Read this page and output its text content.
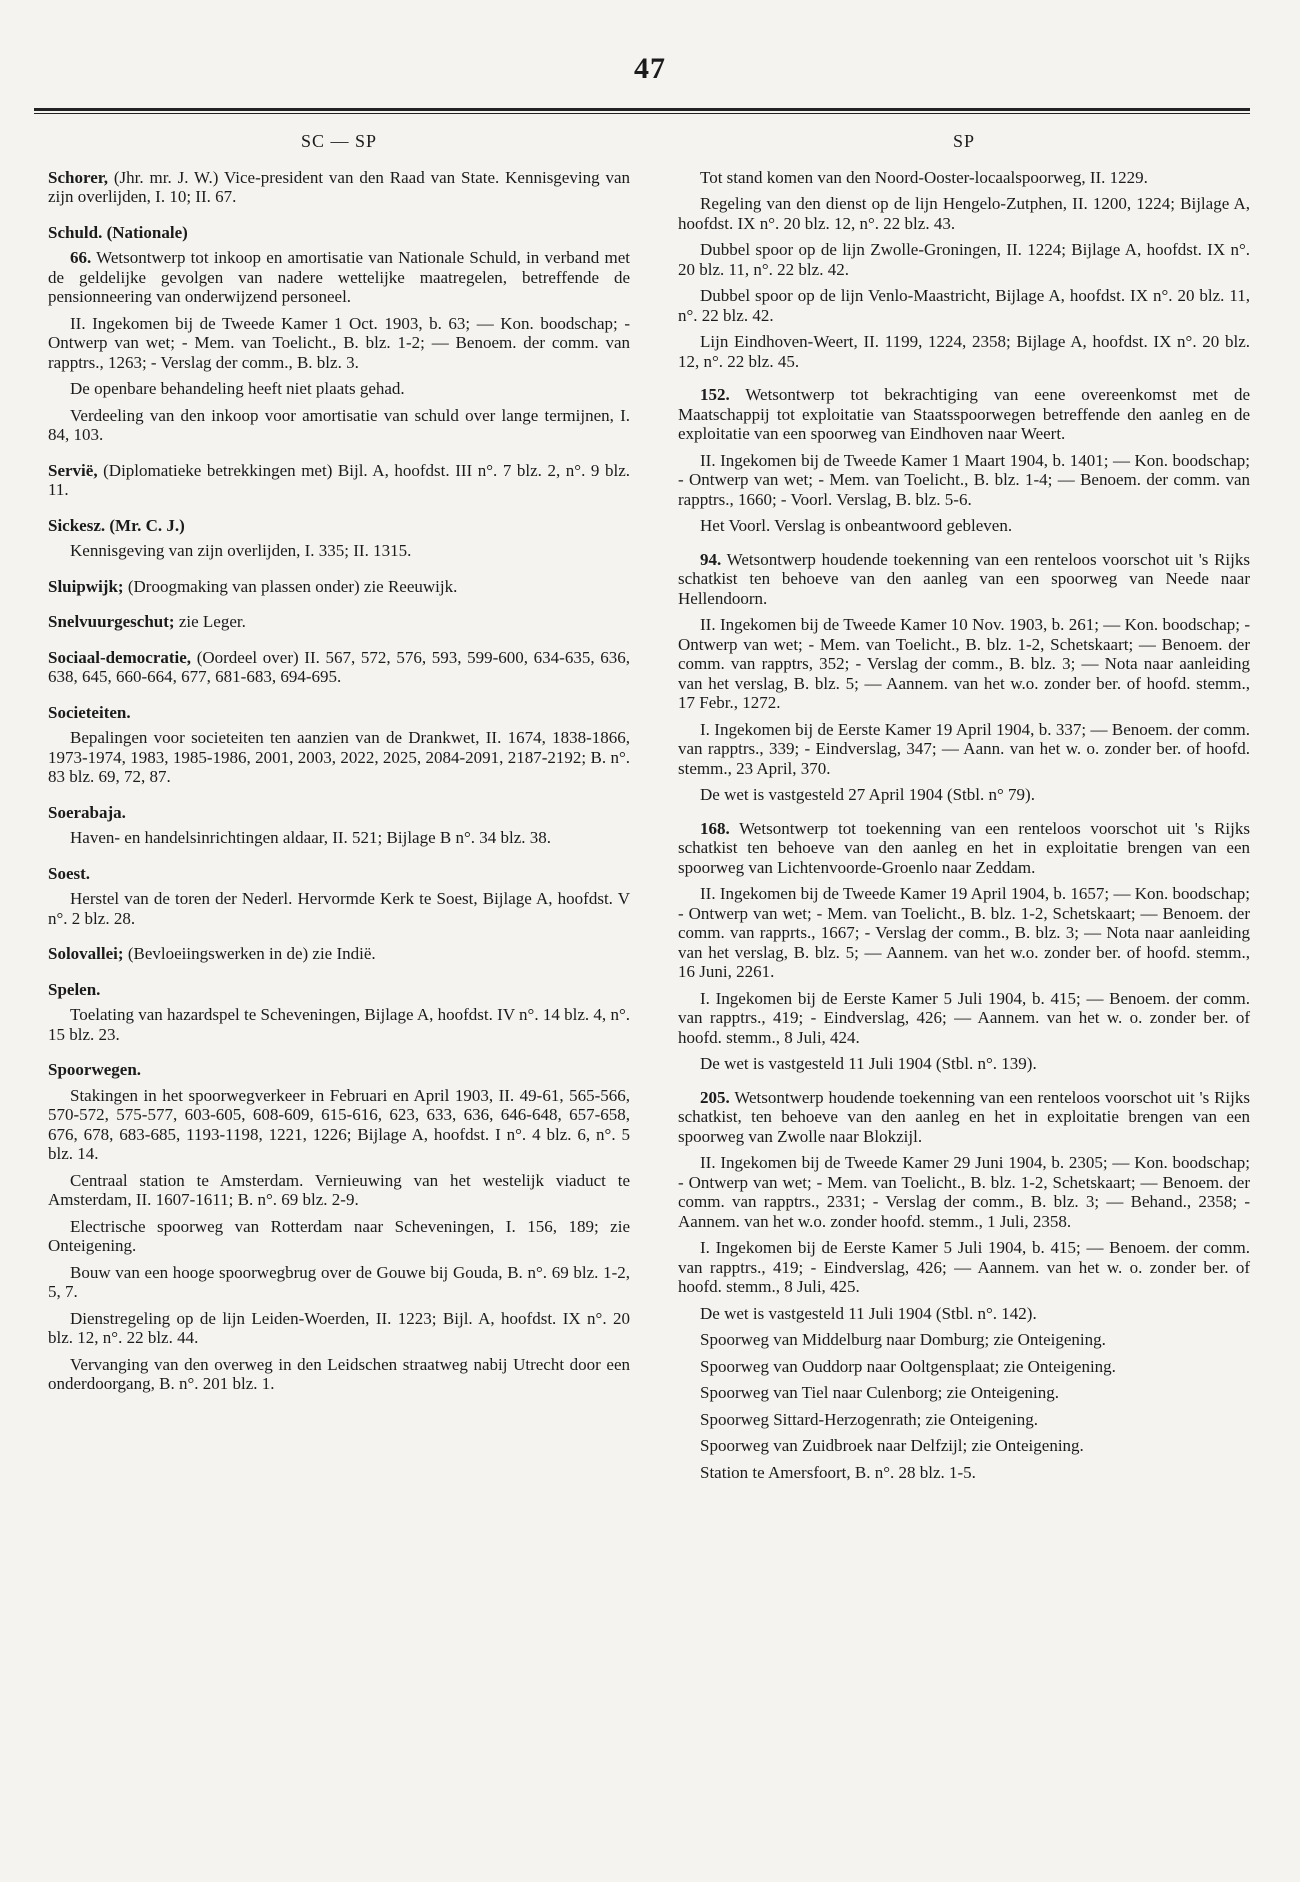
47
SC — SP

Schorer, (Jhr. mr. J. W.) Vice-president van den Raad van State. Kennisgeving van zijn overlijden, I. 10; II. 67.

Schuld. (Nationale)

66. Wetsontwerp tot inkoop en amortisatie van Nationale Schuld, in verband met de geldelijke gevolgen van nadere wettelijke maatregelen, betreffende de pensionneering van onderwijzend personeel.

II. Ingekomen bij de Tweede Kamer 1 Oct. 1903, b. 63; — Kon. boodschap; - Ontwerp van wet; - Mem. van Toelicht., B. blz. 1-2; — Benoem. der comm. van rapptrs., 1263; - Verslag der comm., B. blz. 3.

De openbare behandeling heeft niet plaats gehad.

Verdeeling van den inkoop voor amortisatie van schuld over lange termijnen, I. 84, 103.

Servië, (Diplomatieke betrekkingen met) Bijl. A, hoofdst. III n°. 7 blz. 2, n°. 9 blz. 11.

Sickesz. (Mr. C. J.)

Kennisgeving van zijn overlijden, I. 335; II. 1315.

Sluipwijk; (Droogmaking van plassen onder) zie Reeuwijk.

Snelvuurgeschut; zie Leger.

Sociaal-democratie, (Oordeel over) II. 567, 572, 576, 593, 599-600, 634-635, 636, 638, 645, 660-664, 677, 681-683, 694-695.

Societeiten.

Bepalingen voor societeiten ten aanzien van de Drankwet, II. 1674, 1838-1866, 1973-1974, 1983, 1985-1986, 2001, 2003, 2022, 2025, 2084-2091, 2187-2192; B. n°. 83 blz. 69, 72, 87.

Soerabaja.

Haven- en handelsinrichtingen aldaar, II. 521; Bijlage B n°. 34 blz. 38.

Soest.

Herstel van de toren der Nederl. Hervormde Kerk te Soest, Bijlage A, hoofdst. V n°. 2 blz. 28.

Solovallei; (Bevloeiingswerken in de) zie Indië.

Spelen.

Toelating van hazardspel te Scheveningen, Bijlage A, hoofdst. IV n°. 14 blz. 4, n°. 15 blz. 23.

Spoorwegen.

Stakingen in het spoorwegverkeer in Februari en April 1903, II. 49-61, 565-566, 570-572, 575-577, 603-605, 608-609, 615-616, 623, 633, 636, 646-648, 657-658, 676, 678, 683-685, 1193-1198, 1221, 1226; Bijlage A, hoofdst. I n°. 4 blz. 6, n°. 5 blz. 14.

Centraal station te Amsterdam. Vernieuwing van het westelijk viaduct te Amsterdam, II. 1607-1611; B. n°. 69 blz. 2-9.

Electrische spoorweg van Rotterdam naar Scheveningen, I. 156, 189; zie Onteigening.

Bouw van een hooge spoorwegbrug over de Gouwe bij Gouda, B. n°. 69 blz. 1-2, 5, 7.

Dienstregeling op de lijn Leiden-Woerden, II. 1223; Bijl. A, hoofdst. IX n°. 20 blz. 12, n°. 22 blz. 44.

Vervanging van den overweg in den Leidschen straatweg nabij Utrecht door een onderdoorgang, B. n°. 201 blz. 1.

SP

Tot stand komen van den Noord-Ooster-locaalspoorweg, II. 1229.

Regeling van den dienst op de lijn Hengelo-Zutphen, II. 1200, 1224; Bijlage A, hoofdst. IX n°. 20 blz. 12, n°. 22 blz. 43.

Dubbel spoor op de lijn Zwolle-Groningen, II. 1224; Bijlage A, hoofdst. IX n°. 20 blz. 11, n°. 22 blz. 42.

Dubbel spoor op de lijn Venlo-Maastricht, Bijlage A, hoofdst. IX n°. 20 blz. 11, n°. 22 blz. 42.

Lijn Eindhoven-Weert, II. 1199, 1224, 2358; Bijlage A, hoofdst. IX n°. 20 blz. 12, n°. 22 blz. 45.

152. Wetsontwerp tot bekrachtiging van eene overeenkomst met de Maatschappij tot exploitatie van Staatsspoorwegen betreffende den aanleg en de exploitatie van een spoorweg van Eindhoven naar Weert.

II. Ingekomen bij de Tweede Kamer 1 Maart 1904, b. 1401; — Kon. boodschap; - Ontwerp van wet; - Mem. van Toelicht., B. blz. 1-4; — Benoem. der comm. van rapptrs., 1660; - Voorl. Verslag, B. blz. 5-6.

Het Voorl. Verslag is onbeantwoord gebleven.

94. Wetsontwerp houdende toekenning van een renteloos voorschot uit 's Rijks schatkist ten behoeve van den aanleg van een spoorweg van Neede naar Hellendoorn.

II. Ingekomen bij de Tweede Kamer 10 Nov. 1903, b. 261; — Kon. boodschap; - Ontwerp van wet; - Mem. van Toelicht., B. blz. 1-2, Schetskaart; — Benoem. der comm. van rapptrs, 352; - Verslag der comm., B. blz. 3; — Nota naar aanleiding van het verslag, B. blz. 5; — Aannem. van het w.o. zonder ber. of hoofd. stemm., 17 Febr., 1272.

I. Ingekomen bij de Eerste Kamer 19 April 1904, b. 337; — Benoem. der comm. van rapptrs., 339; - Eindverslag, 347; — Aann. van het w. o. zonder ber. of hoofd. stemm., 23 April, 370.

De wet is vastgesteld 27 April 1904 (Stbl. n° 79).

168. Wetsontwerp tot toekenning van een renteloos voorschot uit 's Rijks schatkist ten behoeve van den aanleg en het in exploitatie brengen van een spoorweg van Lichtenvoorde-Groenlo naar Zeddam.

II. Ingekomen bij de Tweede Kamer 19 April 1904, b. 1657; — Kon. boodschap; - Ontwerp van wet; - Mem. van Toelicht., B. blz. 1-2, Schetskaart; — Benoem. der comm. van rapprts., 1667; - Verslag der comm., B. blz. 3; — Nota naar aanleiding van het verslag, B. blz. 5; — Aannem. van het w.o. zonder ber. of hoofd. stemm., 16 Juni, 2261.

I. Ingekomen bij de Eerste Kamer 5 Juli 1904, b. 415; — Benoem. der comm. van rapptrs., 419; - Eindverslag, 426; — Aannem. van het w. o. zonder ber. of hoofd. stemm., 8 Juli, 424.

De wet is vastgesteld 11 Juli 1904 (Stbl. n°. 139).

205. Wetsontwerp houdende toekenning van een renteloos voorschot uit 's Rijks schatkist, ten behoeve van den aanleg en het in exploitatie brengen van een spoorweg van Zwolle naar Blokzijl.

II. Ingekomen bij de Tweede Kamer 29 Juni 1904, b. 2305; — Kon. boodschap; - Ontwerp van wet; - Mem. van Toelicht., B. blz. 1-2, Schetskaart; — Benoem. der comm. van rapptrs., 2331; - Verslag der comm., B. blz. 3; — Behand., 2358; - Aannem. van het w.o. zonder hoofd. stemm., 1 Juli, 2358.

I. Ingekomen bij de Eerste Kamer 5 Juli 1904, b. 415; — Benoem. der comm. van rapptrs., 419; - Eindverslag, 426; — Aannem. van het w. o. zonder ber. of hoofd. stemm., 8 Juli, 425.

De wet is vastgesteld 11 Juli 1904 (Stbl. n°. 142).

Spoorweg van Middelburg naar Domburg; zie Onteigening.

Spoorweg van Ouddorp naar Ooltgensplaat; zie Onteigening.

Spoorweg van Tiel naar Culenborg; zie Onteigening.

Spoorweg Sittard-Herzogenrath; zie Onteigening.

Spoorweg van Zuidbroek naar Delfzijl; zie Onteigening.

Station te Amersfoort, B. n°. 28 blz. 1-5.
